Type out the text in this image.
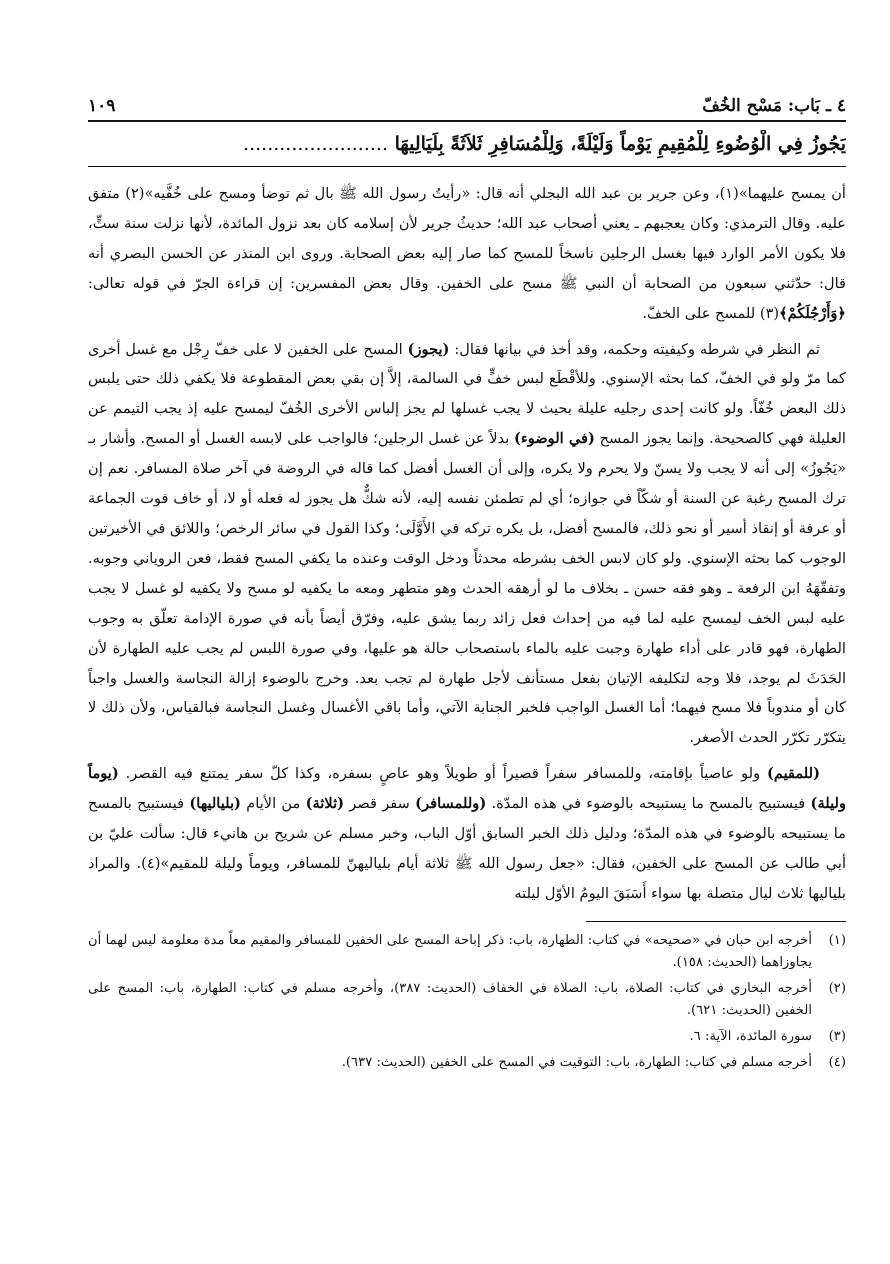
٤ ـ بَاب: مَسْح الخُفّ
١٠٩
يَجُوزُ فِي الْوُضُوءِ لِلْمُقِيمِ يَوْماً وَلَيْلَةً، وَلِلْمُسَافِرِ ثَلاَثَةً بِلَيَالِيهَا ........................

أن يمسح عليهما»(١)، وعن جرير بن عبد الله البجلي أنه قال: «رأيتُ رسول الله ﷺ بال ثم توضأ ومسح على خُفَّيه»(٢) متفق عليه. وقال الترمذي: وكان يعجبهم ـ يعني أصحاب عبد الله؛ حديثُ جرير لأن إسلامه كان بعد نزول المائدة، لأنها نزلت سنة ستٍّ، فلا يكون الأمر الوارد فيها بغسل الرجلين ناسخاً للمسح كما صار إليه بعض الصحابة. وروى ابن المنذر عن الحسن البصري أنه قال: حدّثني سبعون من الصحابة أن النبي ﷺ مسح على الخفين. وقال بعض المفسرين: إن قراءة الجرّ في قوله تعالى: ﴿وَأَرْجُلَكُمْ﴾(٣) للمسح على الخفّ.

ثم النظر في شرطه وكيفيته وحكمه، وقد أخذ في بيانها فقال: (يجوز) المسح على الخفين لا على خفّ رِجْل مع غسل أخرى كما مرّ ولو في الخفّ، كما بحثه الإسنوي. وللأقْطَع لبس خفٍّ في السالمة، إلاَّ إن بقي بعض المقطوعة فلا يكفي ذلك حتى يلبس ذلك البعض خُفّاً. ولو كانت إحدى رجليه عليلة بحيث لا يجب غسلها لم يجز إلباس الأخرى الخُفّ ليمسح عليه إذ يجب التيمم عن العليلة فهي كالصحيحة. وإنما يجوز المسح (في الوضوء) بدلاً عن غسل الرجلين؛ فالواجب على لابسه الغسل أو المسح. وأشار بـ «يَجُوزُ» إلى أنه لا يجب ولا يسنّ ولا يحرم ولا يكره، وإلى أن الغسل أفضل كما قاله في الروضة في آخر صلاة المسافر. نعم إن ترك المسح رغبة عن السنة أو شكّاً في جوازه؛ أي لم تطمئن نفسه إليه، لأنه شكٌّ هل يجوز له فعله أو لا، أو خاف فوت الجماعة أو عرفة أو إنقاذ أسير أو نحو ذلك، فالمسح أفضل، بل يكره تركه في الأَوَّلَى؛ وكذا القول في سائر الرخص؛ واللائق في الأخيرتين الوجوب كما بحثه الإسنوي. ولو كان لابس الخف بشرطه محدثاً ودخل الوقت وعنده ما يكفي المسح فقط، فعن الروياني وجوبه. وتفقّهَهُ ابن الرفعة ـ وهو فقه حسن ـ بخلاف ما لو أرهقه الحدث وهو متطهر ومعه ما يكفيه لو مسح ولا يكفيه لو غسل لا يجب عليه لبس الخف ليمسح عليه لما فيه من إحداث فعل زائد ربما يشق عليه، وفرّق أيضاً بأنه في صورة الإدامة تعلّق به وجوب الطهارة، فهو قادر على أداء طهارة وجبت عليه بالماء باستصحاب حالة هو عليها، وفي صورة اللبس لم يجب عليه الطهارة لأن الحَدَثَ لم يوجد، فلا وجه لتكليفه الإتيان بفعل مستأنف لأجل طهارة لم تجب بعد. وخرج بالوضوء إزالة النجاسة والغسل واجباً كان أو مندوباً فلا مسح فيهما؛ أما الغسل الواجب فلخبر الجنابة الآتي، وأما باقي الأغسال وغسل النجاسة فبالقياس، ولأن ذلك لا يتكرّر تكرّر الحدث الأصغر.

(للمقيم) ولو عاصياً بإقامته، وللمسافر سفراً قصيراً أو طويلاً وهو عاصٍ بسفره، وكذا كلّ سفر يمتنع فيه القصر. (يوماً وليلة) فيستبيح بالمسح ما يستبيحه بالوضوء في هذه المدّة. (وللمسافر) سفر قصر (ثلاثة) من الأيام (بلياليها) فيستبيح بالمسح ما يستبيحه بالوضوء في هذه المدّة؛ ودليل ذلك الخبر السابق أوّل الباب، وخبر مسلم عن شريح بن هانيء قال: سألت عليّ بن أبي طالب عن المسح على الخفين، فقال: «جعل رسول الله ﷺ ثلاثة أيام بلياليهنّ للمسافر، ويوماً وليلة للمقيم»(٤). والمراد بلياليها ثلاث ليال متصلة بها سواء أَسَبَقَ اليومُ الأوّل ليلته

(١)
أخرجه ابن حبان في «صحيحه» في كتاب: الطهارة، باب: ذكر إباحة المسح على الخفين للمسافر والمقيم معاً مدة معلومة ليس لهما أن يجاوزاهما (الحديث: ١٥٨).
(٢)
أخرجه البخاري في كتاب: الصلاة، باب: الصلاة في الخفاف (الحديث: ٣٨٧)، وأخرجه مسلم في كتاب: الطهارة، باب: المسح على الخفين (الحديث: ٦٢١).
(٣)
سورة المائدة، الآية: ٦.
(٤)
أخرجه مسلم في كتاب: الطهارة، باب: التوقيت في المسح على الخفين (الحديث: ٦٣٧).
